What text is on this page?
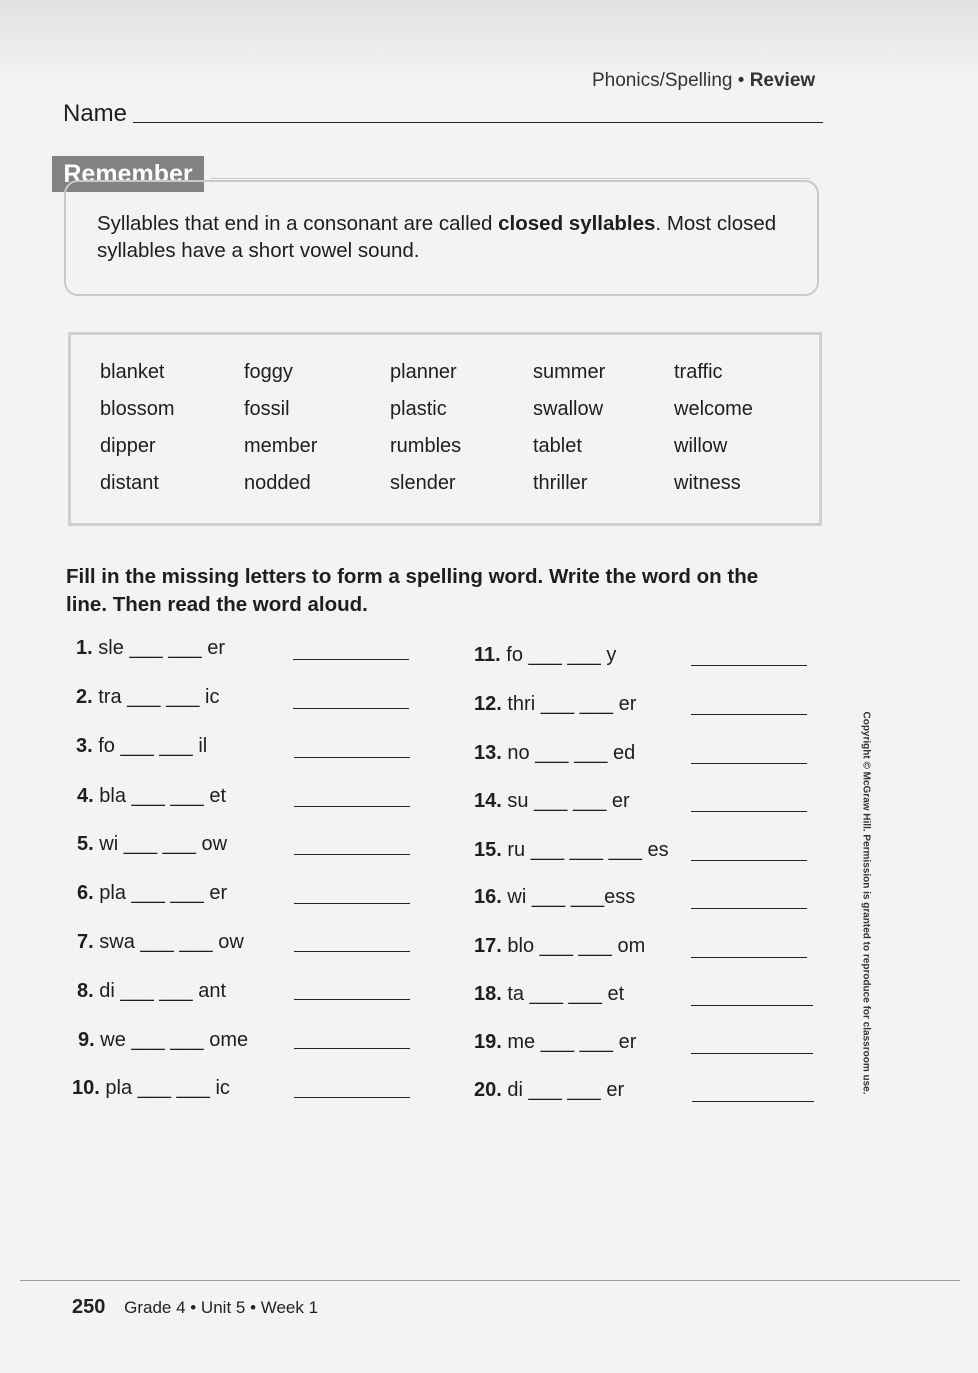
Phonics/Spelling • Review
Name
Remember
Syllables that end in a consonant are called closed syllables. Most closed syllables have a short vowel sound.
blanket
blossom
dipper
distant
foggy
fossil
member
nodded
planner
plastic
rumbles
slender
summer
swallow
tablet
thriller
traffic
welcome
willow
witness
Fill in the missing letters to form a spelling word. Write the word on the line. Then read the word aloud.
1. sle ___ ___ er
2. tra ___ ___ ic
3. fo ___ ___ il
4. bla ___ ___ et
5. wi ___ ___ ow
6. pla ___ ___ er
7. swa ___ ___ ow
8. di ___ ___ ant
9. we ___ ___ ome
10. pla ___ ___ ic
11. fo ___ ___ y
12. thri ___ ___ er
13. no ___ ___ ed
14. su ___ ___ er
15. ru ___ ___ ___ es
16. wi ___ ___ess
17. blo ___ ___ om
18. ta ___ ___ et
19. me ___ ___ er
20. di ___ ___ er	Copyright © McGraw Hill. Permission is granted to reproduce for classroom use.
250 Grade 4 • Unit 5 • Week 1
